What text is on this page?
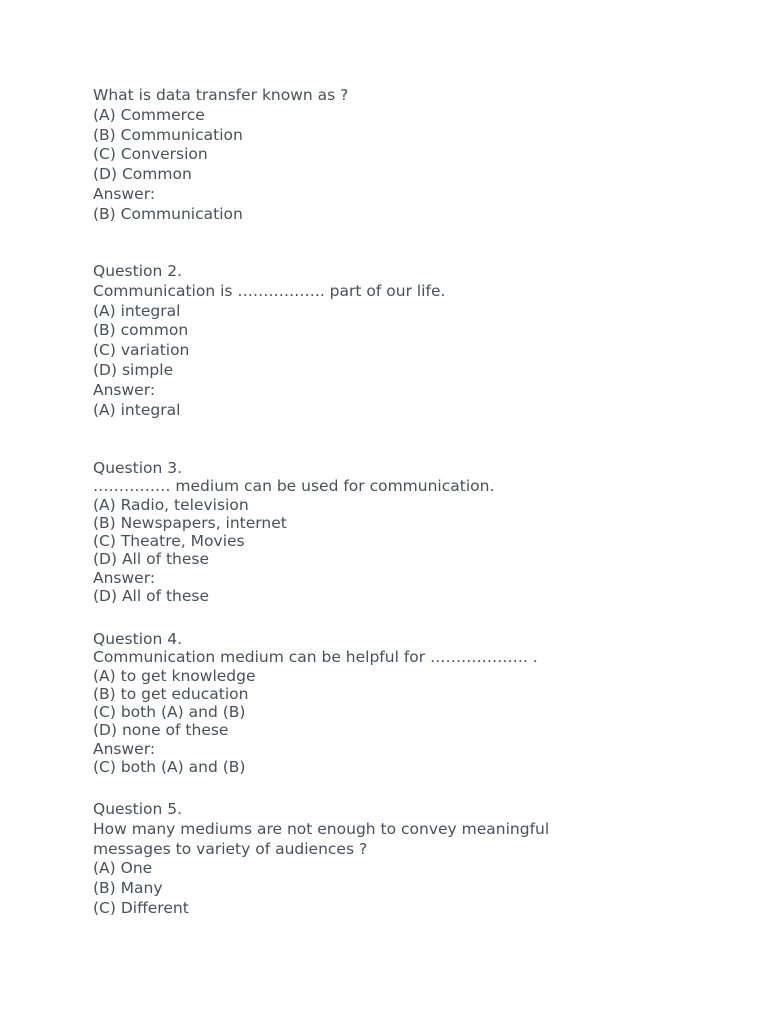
What is data transfer known as ?
(A) Commerce
(B) Communication
(C) Conversion
(D) Common
Answer:
(B) Communication
Question 2.
Communication is …………….. part of our life.
(A) integral
(B) common
(C) variation
(D) simple
Answer:
(A) integral
Question 3.
…………… medium can be used for communication.
(A) Radio, television
(B) Newspapers, internet
(C) Theatre, Movies
(D) All of these
Answer:
(D) All of these
Question 4.
Communication medium can be helpful for ………………. .
(A) to get knowledge
(B) to get education
(C) both (A) and (B)
(D) none of these
Answer:
(C) both (A) and (B)
Question 5.
How many mediums are not enough to convey meaningful
messages to variety of audiences ?
(A) One
(B) Many
(C) Different
